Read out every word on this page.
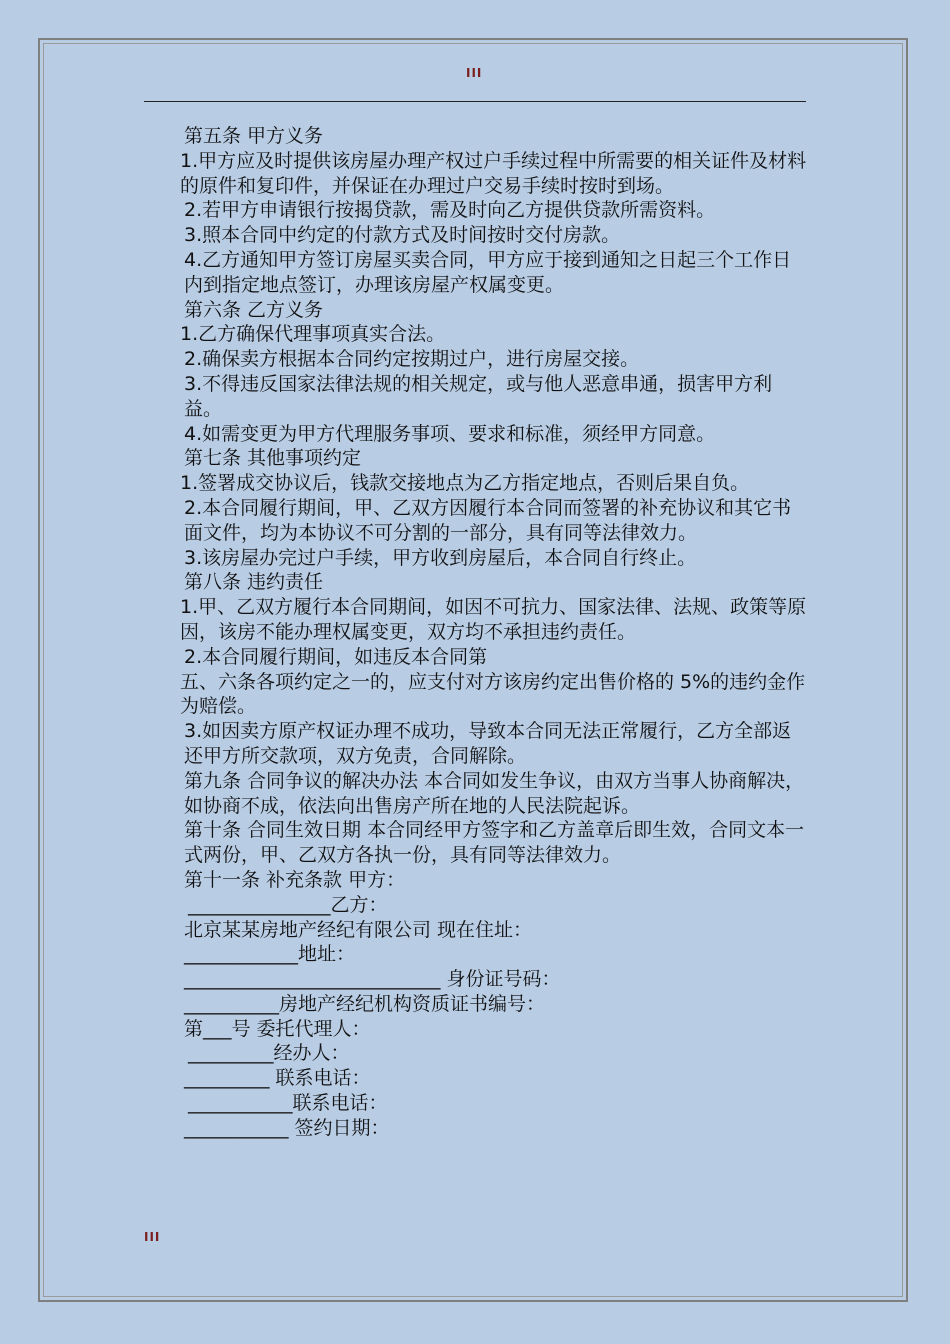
III

第五条 甲方义务

1.甲方应及时提供该房屋办理产权过户手续过程中所需要的相关证件及材料的原件和复印件，并保证在办理过户交易手续时按时到场。

2.若甲方申请银行按揭贷款，需及时向乙方提供贷款所需资料。

3.照本合同中约定的付款方式及时间按时交付房款。

4.乙方通知甲方签订房屋买卖合同，甲方应于接到通知之日起三个工作日内到指定地点签订，办理该房屋产权属变更。

第六条 乙方义务

1.乙方确保代理事项真实合法。

2.确保卖方根据本合同约定按期过户，进行房屋交接。

3.不得违反国家法律法规的相关规定，或与他人恶意串通，损害甲方利益。

4.如需变更为甲方代理服务事项、要求和标准，须经甲方同意。

第七条 其他事项约定

1.签署成交协议后，钱款交接地点为乙方指定地点，否则后果自负。

2.本合同履行期间，甲、乙双方因履行本合同而签署的补充协议和其它书面文件，均为本协议不可分割的一部分，具有同等法律效力。

3.该房屋办完过户手续，甲方收到房屋后，本合同自行终止。

第八条 违约责任

1.甲、乙双方履行本合同期间，如因不可抗力、国家法律、法规、政策等原因，该房不能办理权属变更，双方均不承担违约责任。

2.本合同履行期间，如违反本合同第

五、六条各项约定之一的，应支付对方该房约定出售价格的 5%的违约金作为赔偿。

3.如因卖方原产权证办理不成功，导致本合同无法正常履行，乙方全部返还甲方所交款项，双方免责，合同解除。

第九条 合同争议的解决办法 本合同如发生争议，由双方当事人协商解决，如协商不成，依法向出售房产所在地的人民法院起诉。

第十条 合同生效日期 本合同经甲方签字和乙方盖章后即生效，合同文本一式两份，甲、乙双方各执一份，具有同等法律效力。

第十一条 补充条款 甲方：

_______________乙方：

北京某某房地产经纪有限公司 现在住址：

____________地址：

___________________________ 身份证号码：

__________房地产经纪机构资质证书编号：

第___号 委托代理人：

_________经办人：

_________ 联系电话：

___________联系电话：

___________ 签约日期：

III
